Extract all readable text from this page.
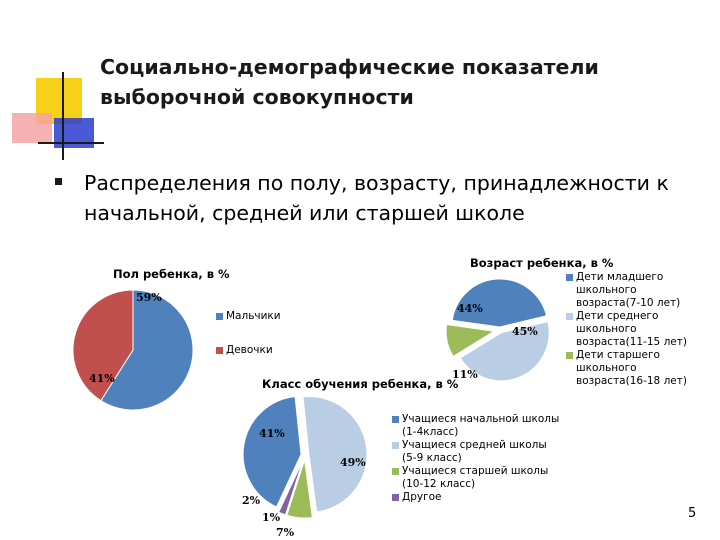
Социально-демографические показатели выборочной совокупности
Распределения по полу, возрасту, принадлежности к начальной, средней или старшей школе
Пол ребенка, в %
59%
41%
Мальчики
Девочки
Возраст ребенка, в %
44%
45%
11%
Дети младшего школьного возраста(7-10 лет)
Дети среднего школьного возраста(11-15 лет)
Дети старшего школьного возраста(16-18 лет)
Класс обучения ребенка, в %
41%
49%
7%
2%
1%
Учащиеся начальной школы (1-4класс)
Учащиеся средней школы (5-9 класс)
Учащиеся старшей школы (10-12 класс)
Другое
5
